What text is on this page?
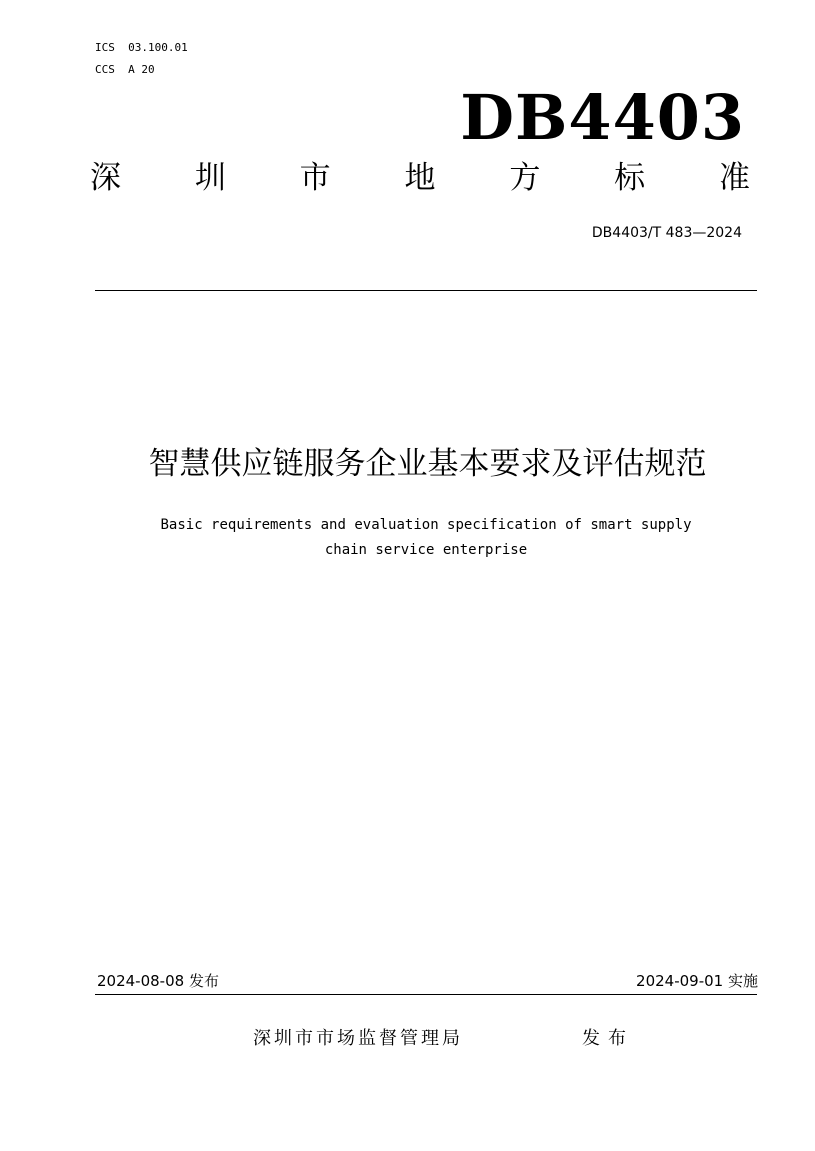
ICS  03.100.01
CCS  A 20
DB4403
深 圳 市 地 方 标 准
DB4403/T 483—2024
智慧供应链服务企业基本要求及评估规范
Basic requirements and evaluation specification of smart supply
chain service enterprise
2024-08-08 发布	2024-09-01 实施
深圳市市场监督管理局	发布
